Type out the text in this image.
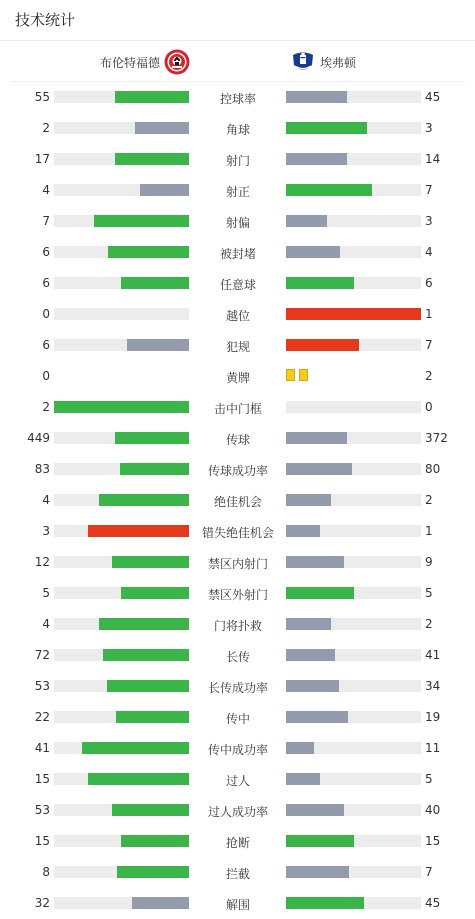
技术统计
布伦特福德	埃弗顿
55	控球率	45
2	角球	3
17	射门	14
4	射正	7
7	射偏	3
6	被封堵	4
6	任意球	6
0	越位	1
6	犯规	7
0	黄牌	2
2	击中门框	0
449	传球	372
83	传球成功率	80
4	绝佳机会	2
3	错失绝佳机会	1
12	禁区内射门	9
5	禁区外射门	5
4	门将扑救	2
72	长传	41
53	长传成功率	34
22	传中	19
41	传中成功率	11
15	过人	5
53	过人成功率	40
15	抢断	15
8	拦截	7
32	解围	45
